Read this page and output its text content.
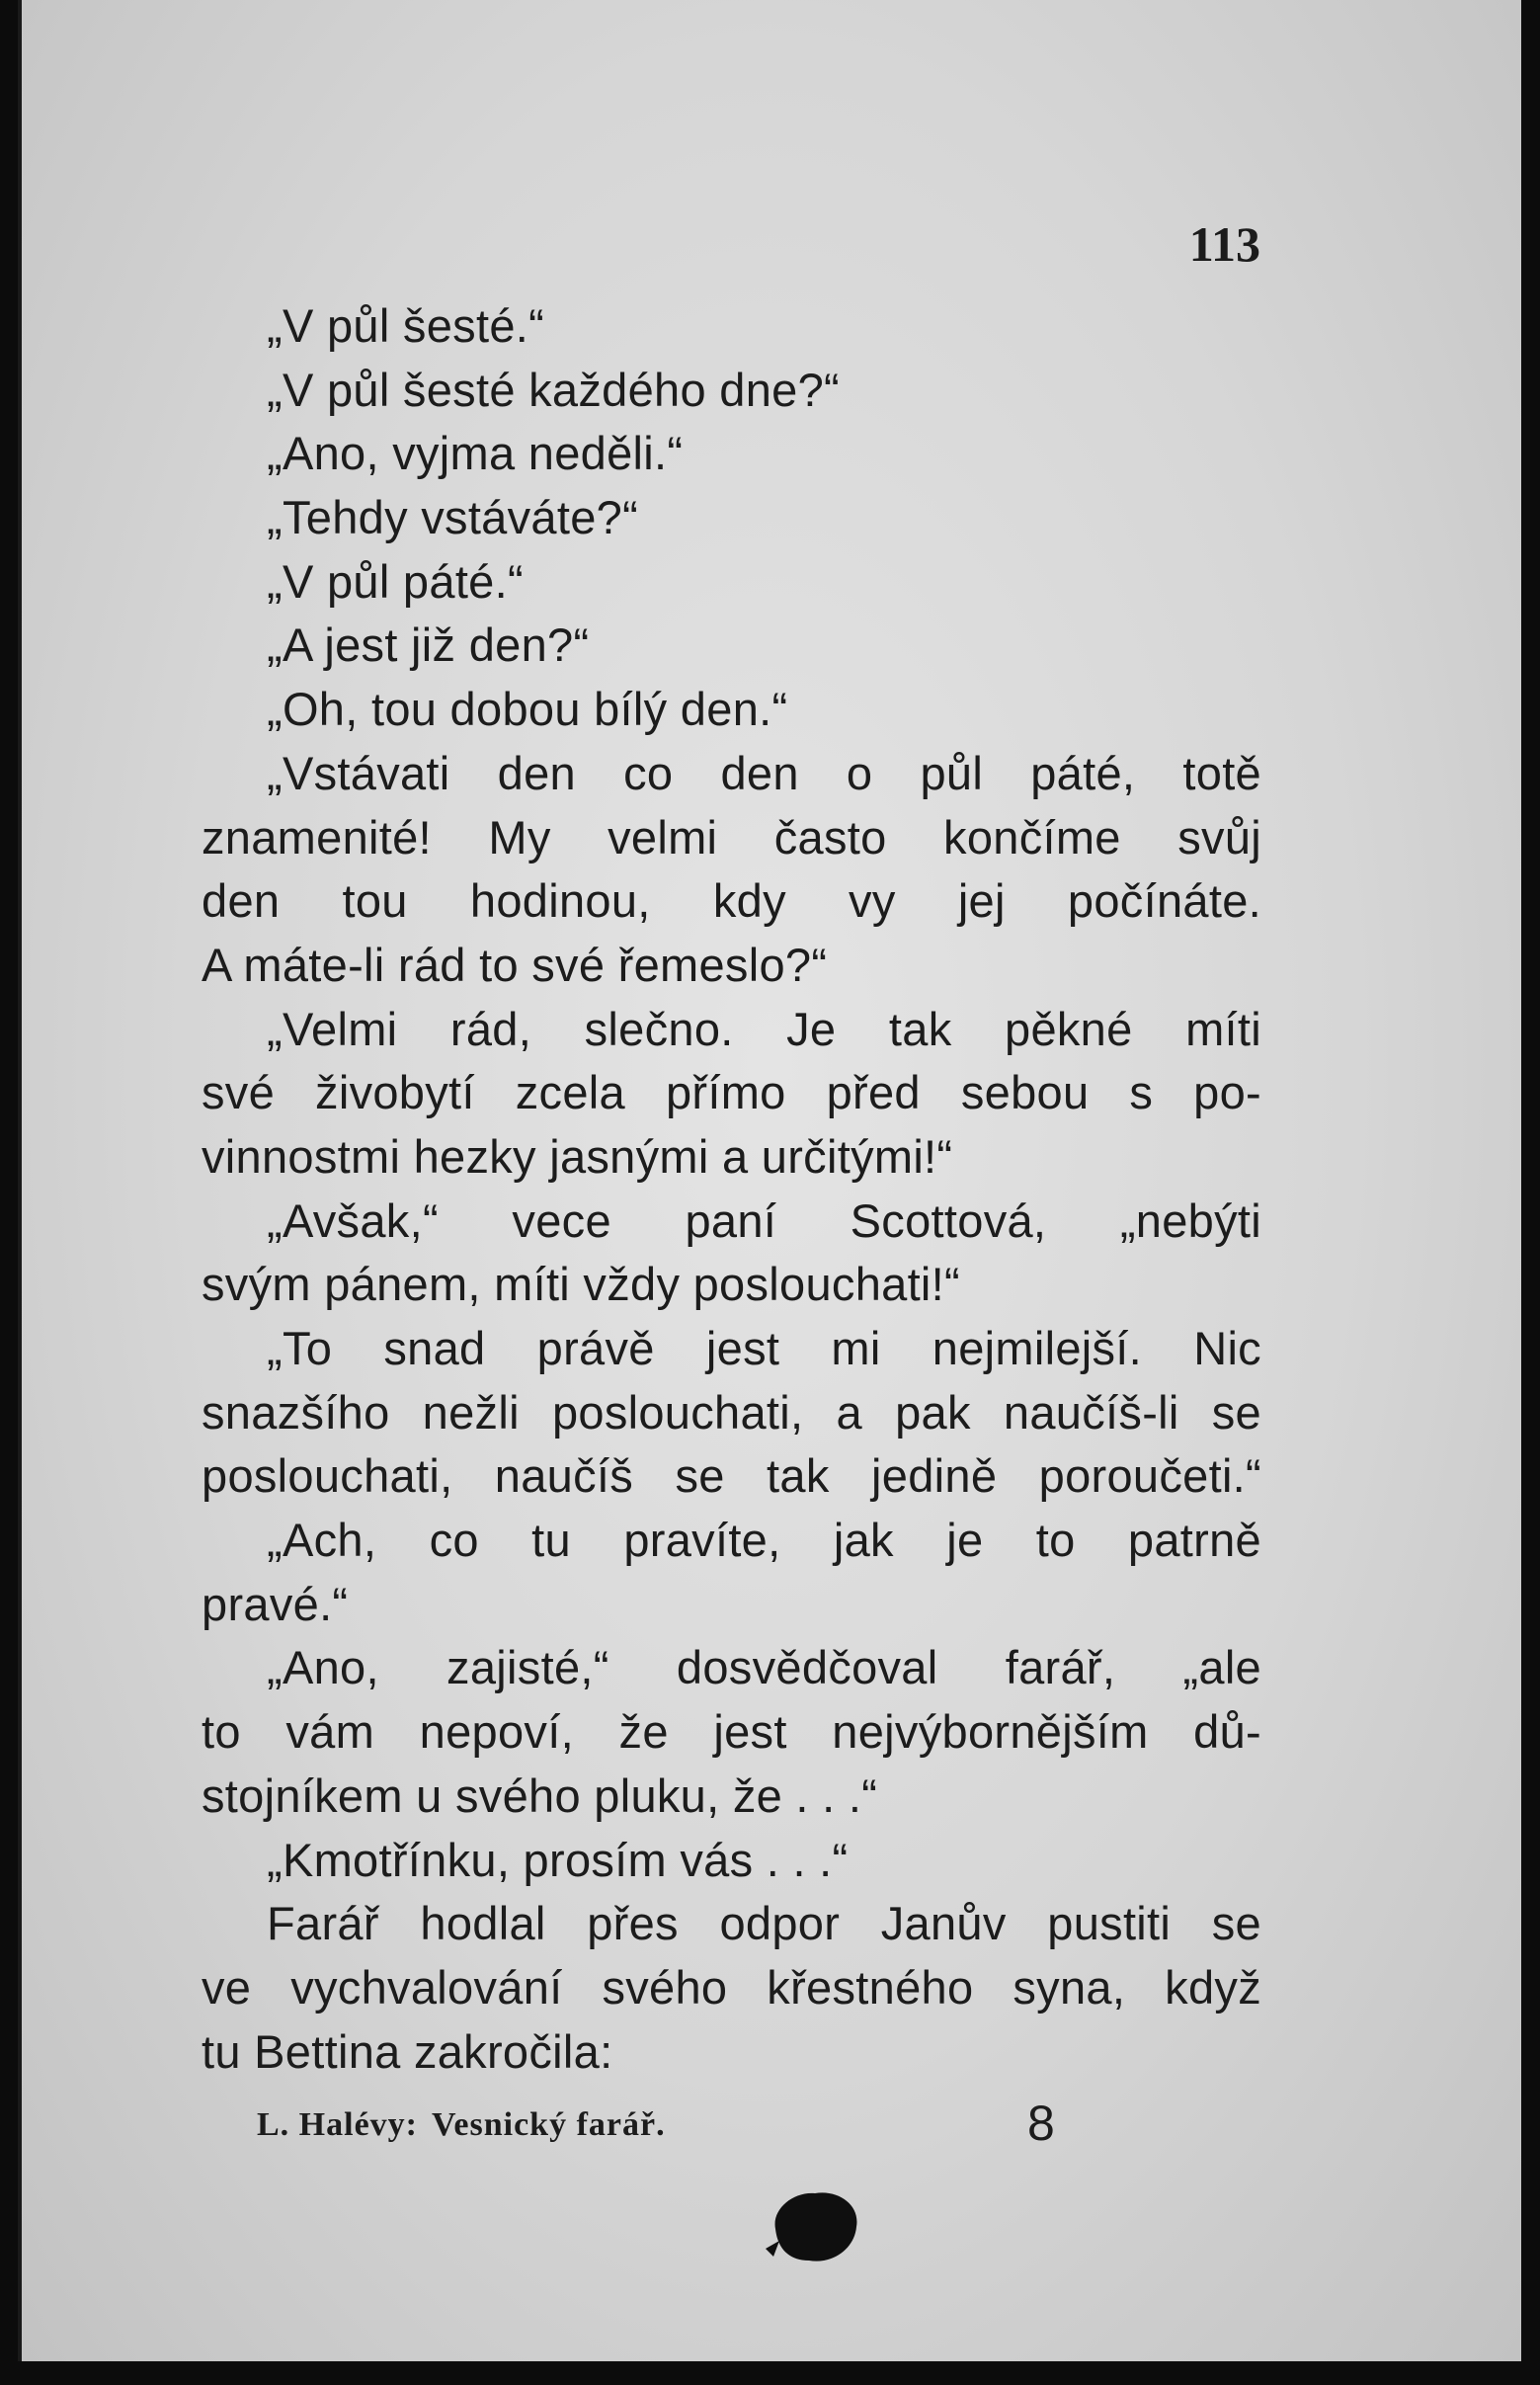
113
„V půl šesté.“
„V půl šesté každého dne?“
„Ano, vyjma neděli.“
„Tehdy vstáváte?“
„V půl páté.“
„A jest již den?“
„Oh, tou dobou bílý den.“
„Vstávati den co den o půl páté, totě
znamenité! My velmi často končíme svůj
den tou hodinou, kdy vy jej počínáte.
A máte-li rád to své řemeslo?“
„Velmi rád, slečno. Je tak pěkné míti
své živobytí zcela přímo před sebou s po-
vinnostmi hezky jasnými a určitými!“
„Avšak,“ vece paní Scottová, „nebýti
svým pánem, míti vždy poslouchati!“
„To snad právě jest mi nejmilejší. Nic
snazšího nežli poslouchati, a pak naučíš-li se
poslouchati, naučíš se tak jedině poroučeti.“
„Ach, co tu pravíte, jak je to patrně
pravé.“
„Ano, zajisté,“ dosvědčoval farář, „ale
to vám nepoví, že jest nejvýbornějším dů-
stojníkem u svého pluku, že . . .“
„Kmotřínku, prosím vás . . .“
Farář hodlal přes odpor Janův pustiti se
ve vychvalování svého křestného syna, když
tu Bettina zakročila:
L. Halévy: Vesnický farář.	8
